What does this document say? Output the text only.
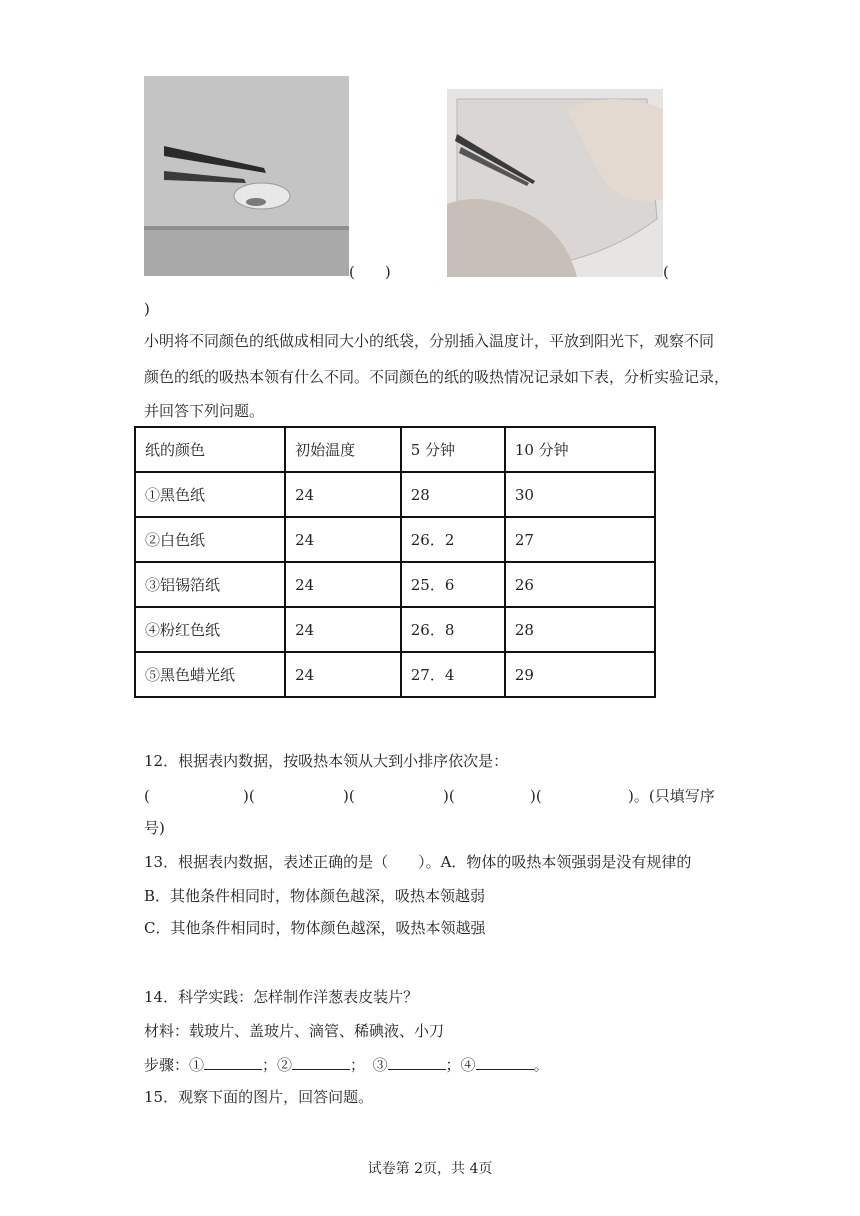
(　　)	(
)
小明将不同颜色的纸做成相同大小的纸袋，分别插入温度计，平放到阳光下，观察不同
颜色的纸的吸热本领有什么不同。不同颜色的纸的吸热情况记录如下表，分析实验记录，
并回答下列问题。
纸的颜色	初始温度	5 分钟	10 分钟
①黑色纸	24	28	30
②白色纸	24	26．2	27
③铝锡箔纸	24	25．6	26
④粉红色纸	24	26．8	28
⑤黑色蜡光纸	24	27．4	29
12．根据表内数据，按吸热本领从大到小排序依次是：
(	)(	)(	)(	)(	)。(只填写序
号)
13．根据表内数据，表述正确的是（　　）。A．物体的吸热本领强弱是没有规律的
B．其他条件相同时，物体颜色越深，吸热本领越弱
C．其他条件相同时，物体颜色越深，吸热本领越强
14．科学实践：怎样制作洋葱表皮装片？
材料：载玻片、盖玻片、滴管、稀碘液、小刀
步骤：①	；②	；　③	；④	。
15．观察下面的图片，回答问题。
试卷第 2页，共 4页
